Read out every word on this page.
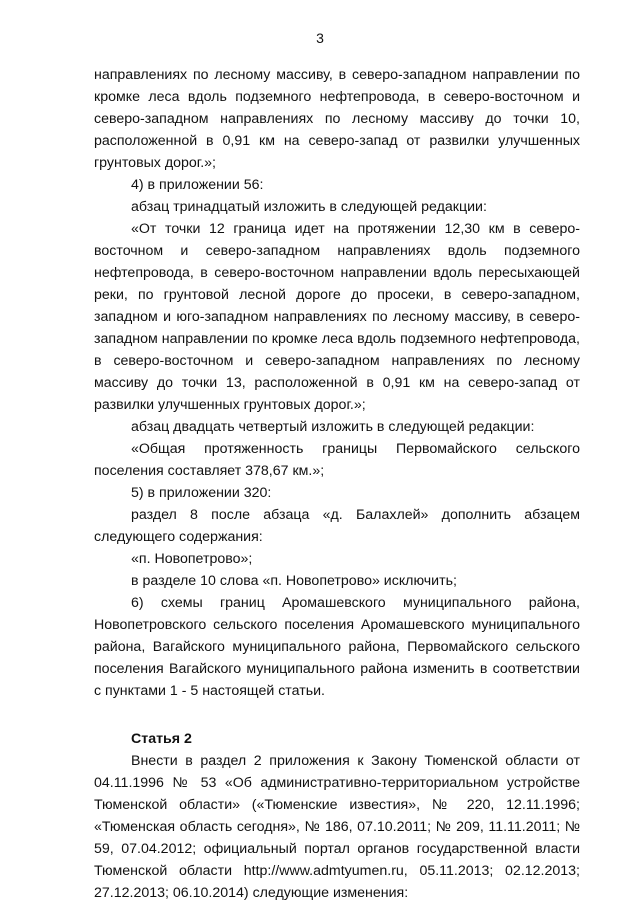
3

направлениях по лесному массиву, в северо-западном направлении по кромке леса вдоль подземного нефтепровода, в северо-восточном и северо-западном направлениях по лесному массиву до точки 10, расположенной в 0,91 км на северо-запад от развилки улучшенных грунтовых дорог.»;

4) в приложении 56:

абзац тринадцатый изложить в следующей редакции:

«От точки 12 граница идет на протяжении 12,30 км в северо-восточном и северо-западном направлениях вдоль подземного нефтепровода, в северо-восточном направлении вдоль пересыхающей реки, по грунтовой лесной дороге до просеки, в северо-западном, западном и юго-западном направлениях по лесному массиву, в северо-западном направлении по кромке леса вдоль подземного нефтепровода, в северо-восточном и северо-западном направлениях по лесному массиву до точки 13, расположенной в 0,91 км на северо-запад от развилки улучшенных грунтовых дорог.»;

абзац двадцать четвертый изложить в следующей редакции:

«Общая протяженность границы Первомайского сельского поселения составляет 378,67 км.»;

5) в приложении 320:

раздел 8 после абзаца «д. Балахлей» дополнить абзацем следующего содержания:

«п. Новопетрово»;

в разделе 10 слова «п. Новопетрово» исключить;

6) схемы границ Аромашевского муниципального района, Новопетровского сельского поселения Аромашевского муниципального района, Вагайского муниципального района, Первомайского сельского поселения Вагайского муниципального района изменить в соответствии с пунктами 1 - 5 настоящей статьи.

Статья 2

Внести в раздел 2 приложения к Закону Тюменской области от 04.11.1996 № 53 «Об административно-территориальном устройстве Тюменской области» («Тюменские известия», № 220, 12.11.1996; «Тюменская область сегодня», № 186, 07.10.2011; № 209, 11.11.2011; № 59, 07.04.2012; официальный портал органов государственной власти Тюменской области http://www.admtyumen.ru, 05.11.2013; 02.12.2013; 27.12.2013; 06.10.2014) следующие изменения:
